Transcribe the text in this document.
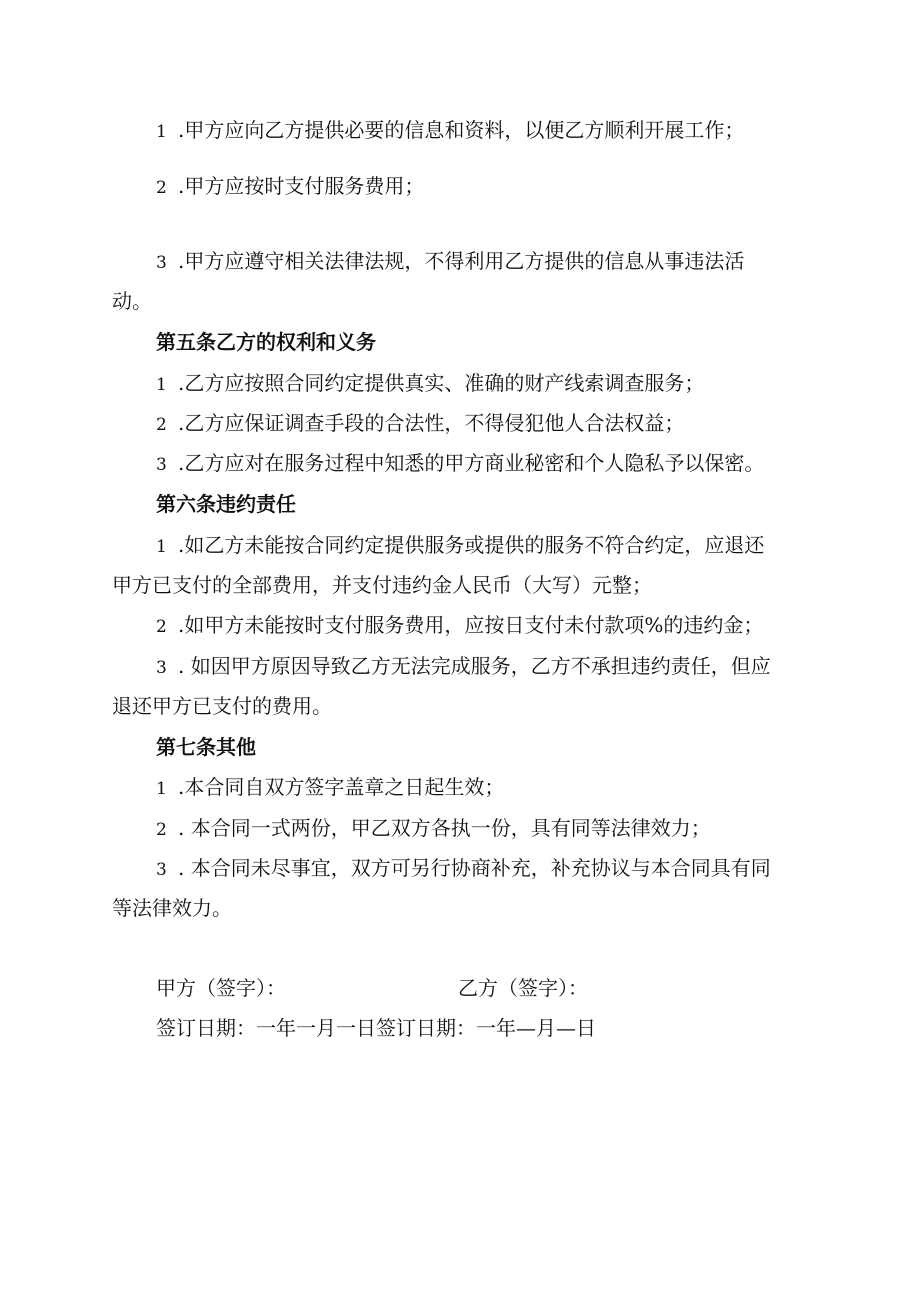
1 .甲方应向乙方提供必要的信息和资料，以便乙方顺利开展工作；

2 .甲方应按时支付服务费用；

3 .甲方应遵守相关法律法规，不得利用乙方提供的信息从事违法活

动。

第五条乙方的权利和义务

1 .乙方应按照合同约定提供真实、准确的财产线索调查服务；

2 .乙方应保证调查手段的合法性，不得侵犯他人合法权益；

3 .乙方应对在服务过程中知悉的甲方商业秘密和个人隐私予以保密。

第六条违约责任

1 .如乙方未能按合同约定提供服务或提供的服务不符合约定，应退还

甲方已支付的全部费用，并支付违约金人民币（大写）元整；

2 .如甲方未能按时支付服务费用，应按日支付未付款项%的违约金；

3 . 如因甲方原因导致乙方无法完成服务，乙方不承担违约责任，但应

退还甲方已支付的费用。

第七条其他

1 .本合同自双方签字盖章之日起生效；

2 . 本合同一式两份，甲乙双方各执一份，具有同等法律效力；

3 . 本合同未尽事宜，双方可另行协商补充，补充协议与本合同具有同

等法律效力。

甲方（签字）：	乙方（签字）：

签订日期：一年一月一日签订日期：一年—月—日
